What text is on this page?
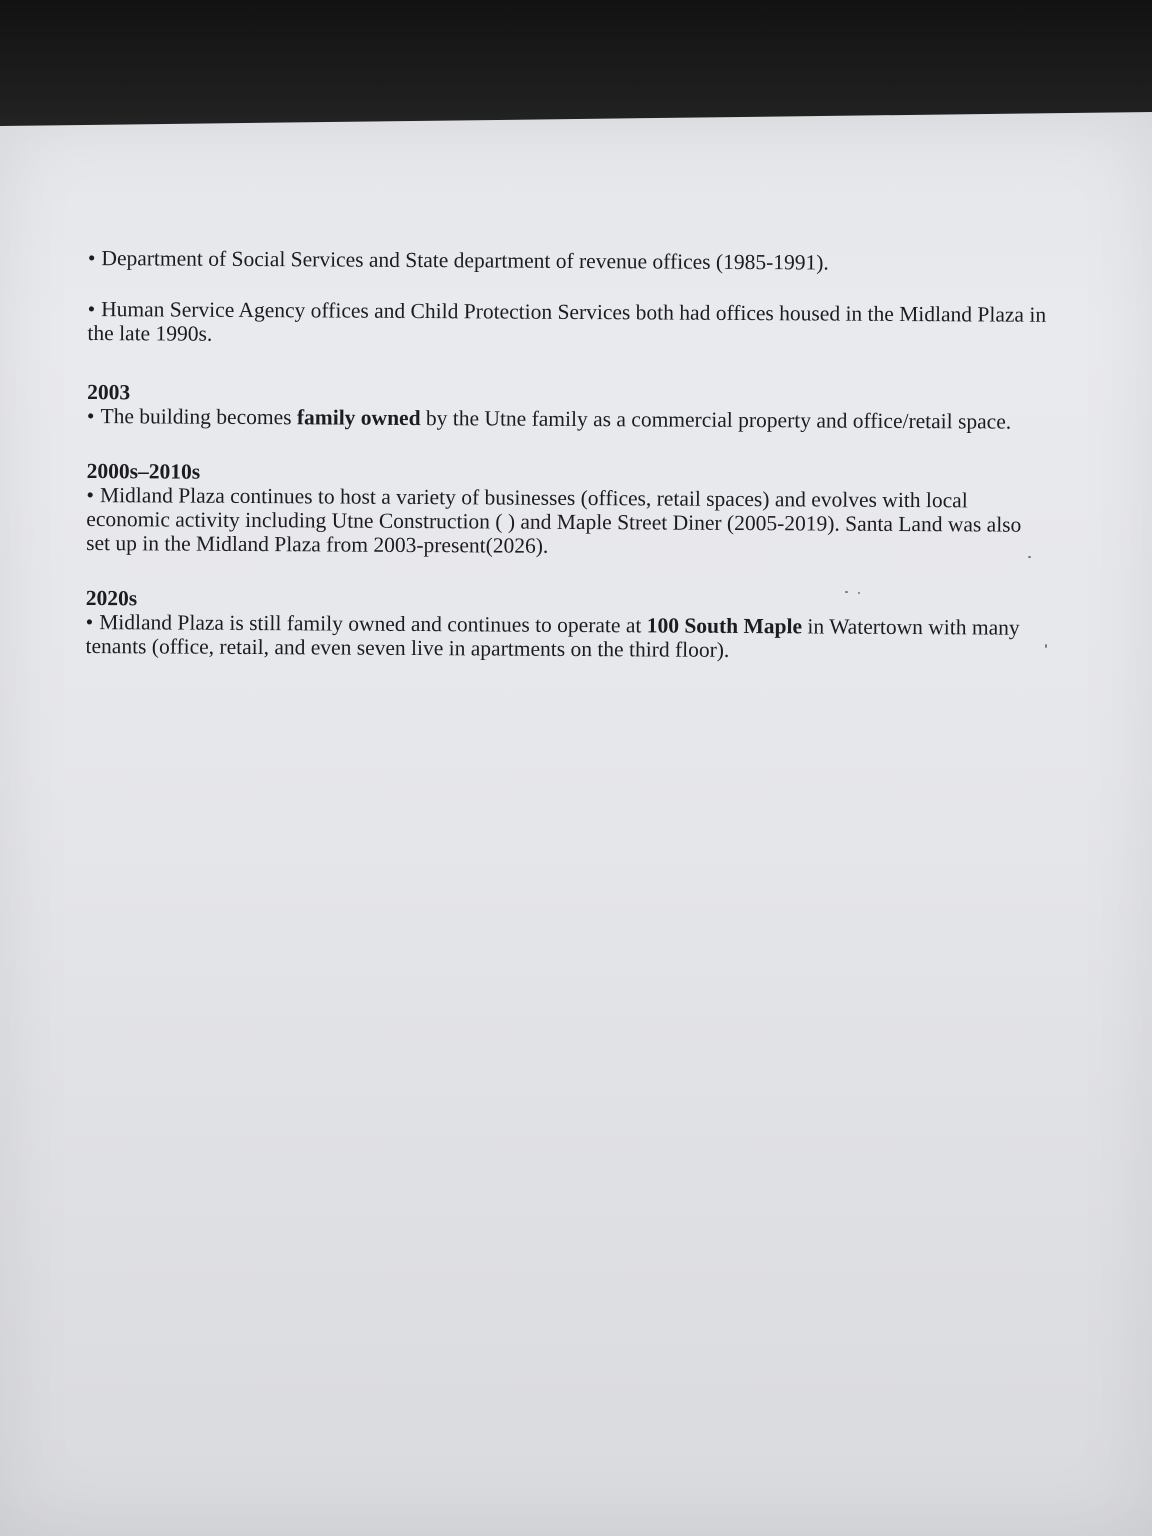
• Department of Social Services and State department of revenue offices (1985-1991).

• Human Service Agency offices and Child Protection Services both had offices housed in the Midland Plaza in the late 1990s.

2003

• The building becomes family owned by the Utne family as a commercial property and office/retail space.

2000s–2010s

• Midland Plaza continues to host a variety of businesses (offices, retail spaces) and evolves with local economic activity including Utne Construction ( ) and Maple Street Diner (2005-2019). Santa Land was also set up in the Midland Plaza from 2003-present(2026).

2020s

• Midland Plaza is still family owned and continues to operate at 100 South Maple in Watertown with many tenants (office, retail, and even seven live in apartments on the third floor).
